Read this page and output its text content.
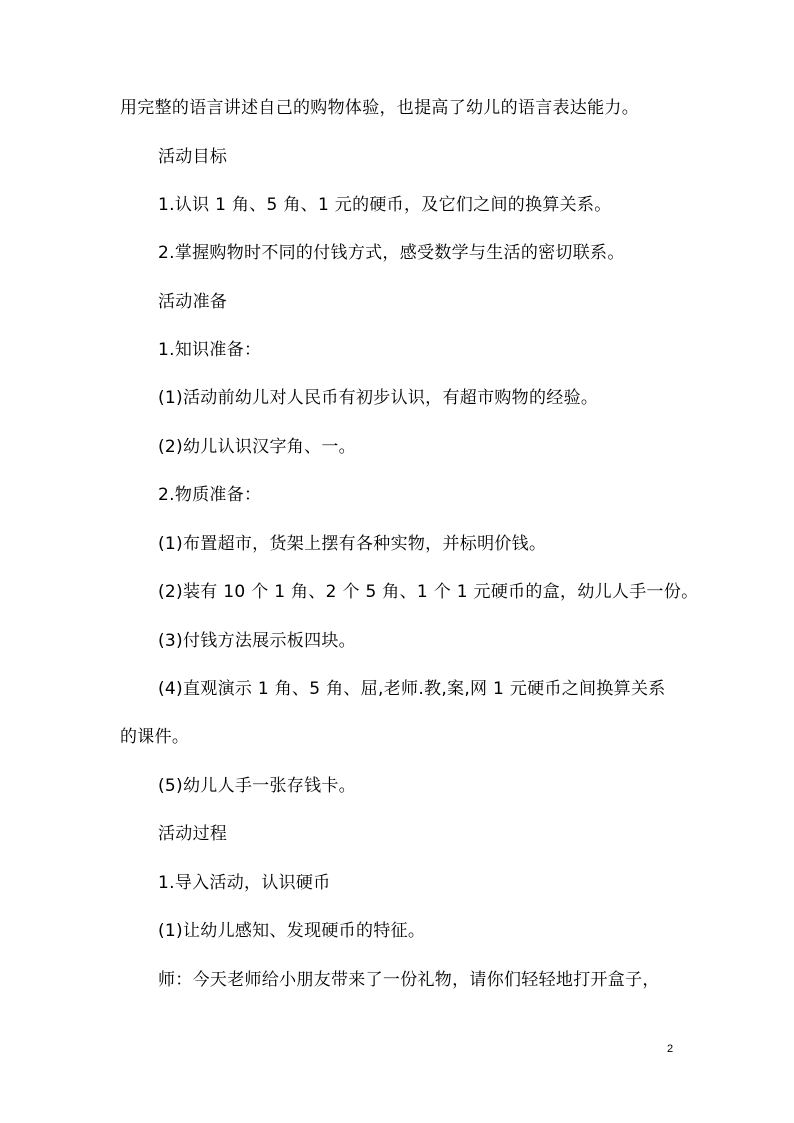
用完整的语言讲述自己的购物体验，也提高了幼儿的语言表达能力。
活动目标
1.认识 1 角、5 角、1 元的硬币，及它们之间的换算关系。
2.掌握购物时不同的付钱方式，感受数学与生活的密切联系。
活动准备
1.知识准备：
(1)活动前幼儿对人民币有初步认识，有超市购物的经验。
(2)幼儿认识汉字角、一。
2.物质准备：
(1)布置超市，货架上摆有各种实物，并标明价钱。
(2)装有 10 个 1 角、2 个 5 角、1 个 1 元硬币的盒，幼儿人手一份。
(3)付钱方法展示板四块。
(4)直观演示 1 角、5 角、屈,老师.教,案,网 1 元硬币之间换算关系
的课件。
(5)幼儿人手一张存钱卡。
活动过程
1.导入活动，认识硬币
(1)让幼儿感知、发现硬币的特征。
师：今天老师给小朋友带来了一份礼物，请你们轻轻地打开盒子，
2
